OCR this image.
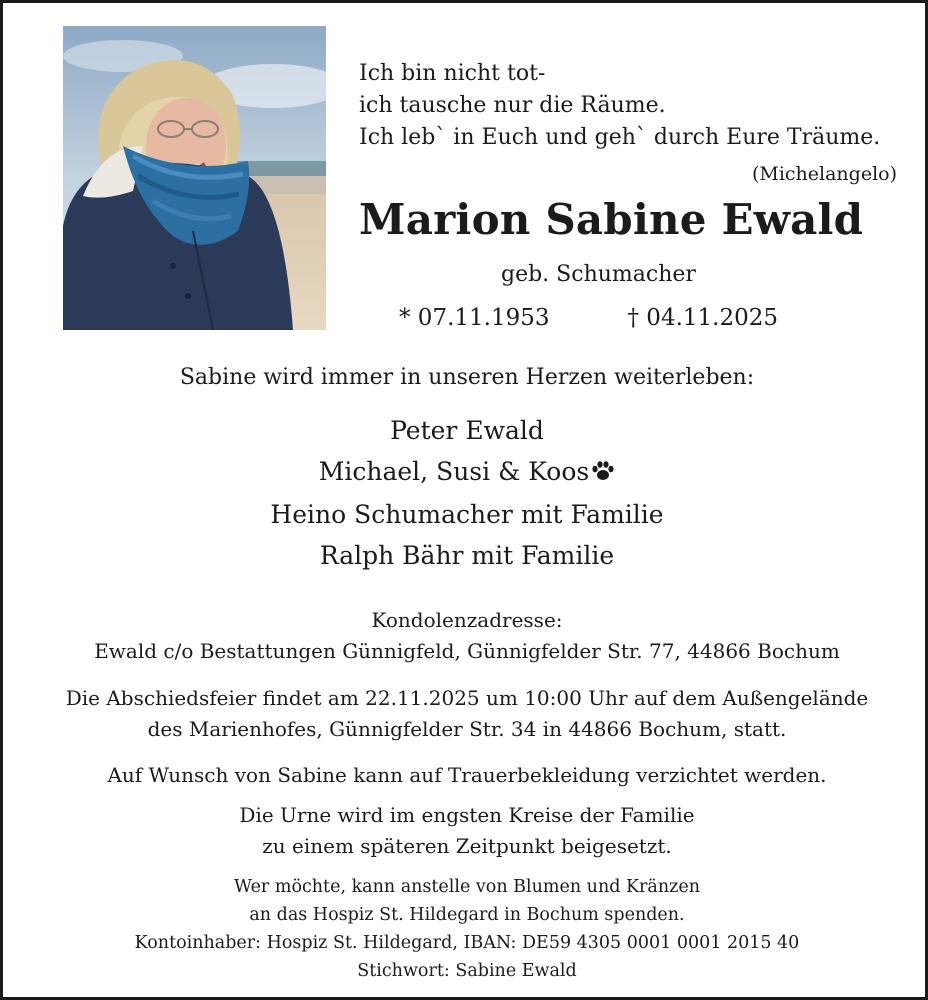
Ich bin nicht tot-
ich tausche nur die Räume.
Ich leb` in Euch und geh` durch Eure Träume.
(Michelangelo)
Marion Sabine Ewald
geb. Schumacher
* 07.11.1953	† 04.11.2025
Sabine wird immer in unseren Herzen weiterleben:
Peter Ewald
Michael, Susi & Koos
Heino Schumacher mit Familie
Ralph Bähr mit Familie
Kondolenzadresse:
Ewald c/o Bestattungen Günnigfeld, Günnigfelder Str. 77, 44866 Bochum
Die Abschiedsfeier findet am 22.11.2025 um 10:00 Uhr auf dem Außengelände
des Marienhofes, Günnigfelder Str. 34 in 44866 Bochum, statt.
Auf Wunsch von Sabine kann auf Trauerbekleidung verzichtet werden.
Die Urne wird im engsten Kreise der Familie
zu einem späteren Zeitpunkt beigesetzt.
Wer möchte, kann anstelle von Blumen und Kränzen
an das Hospiz St. Hildegard in Bochum spenden.
Kontoinhaber: Hospiz St. Hildegard, IBAN: DE59 4305 0001 0001 2015 40
Stichwort: Sabine Ewald
